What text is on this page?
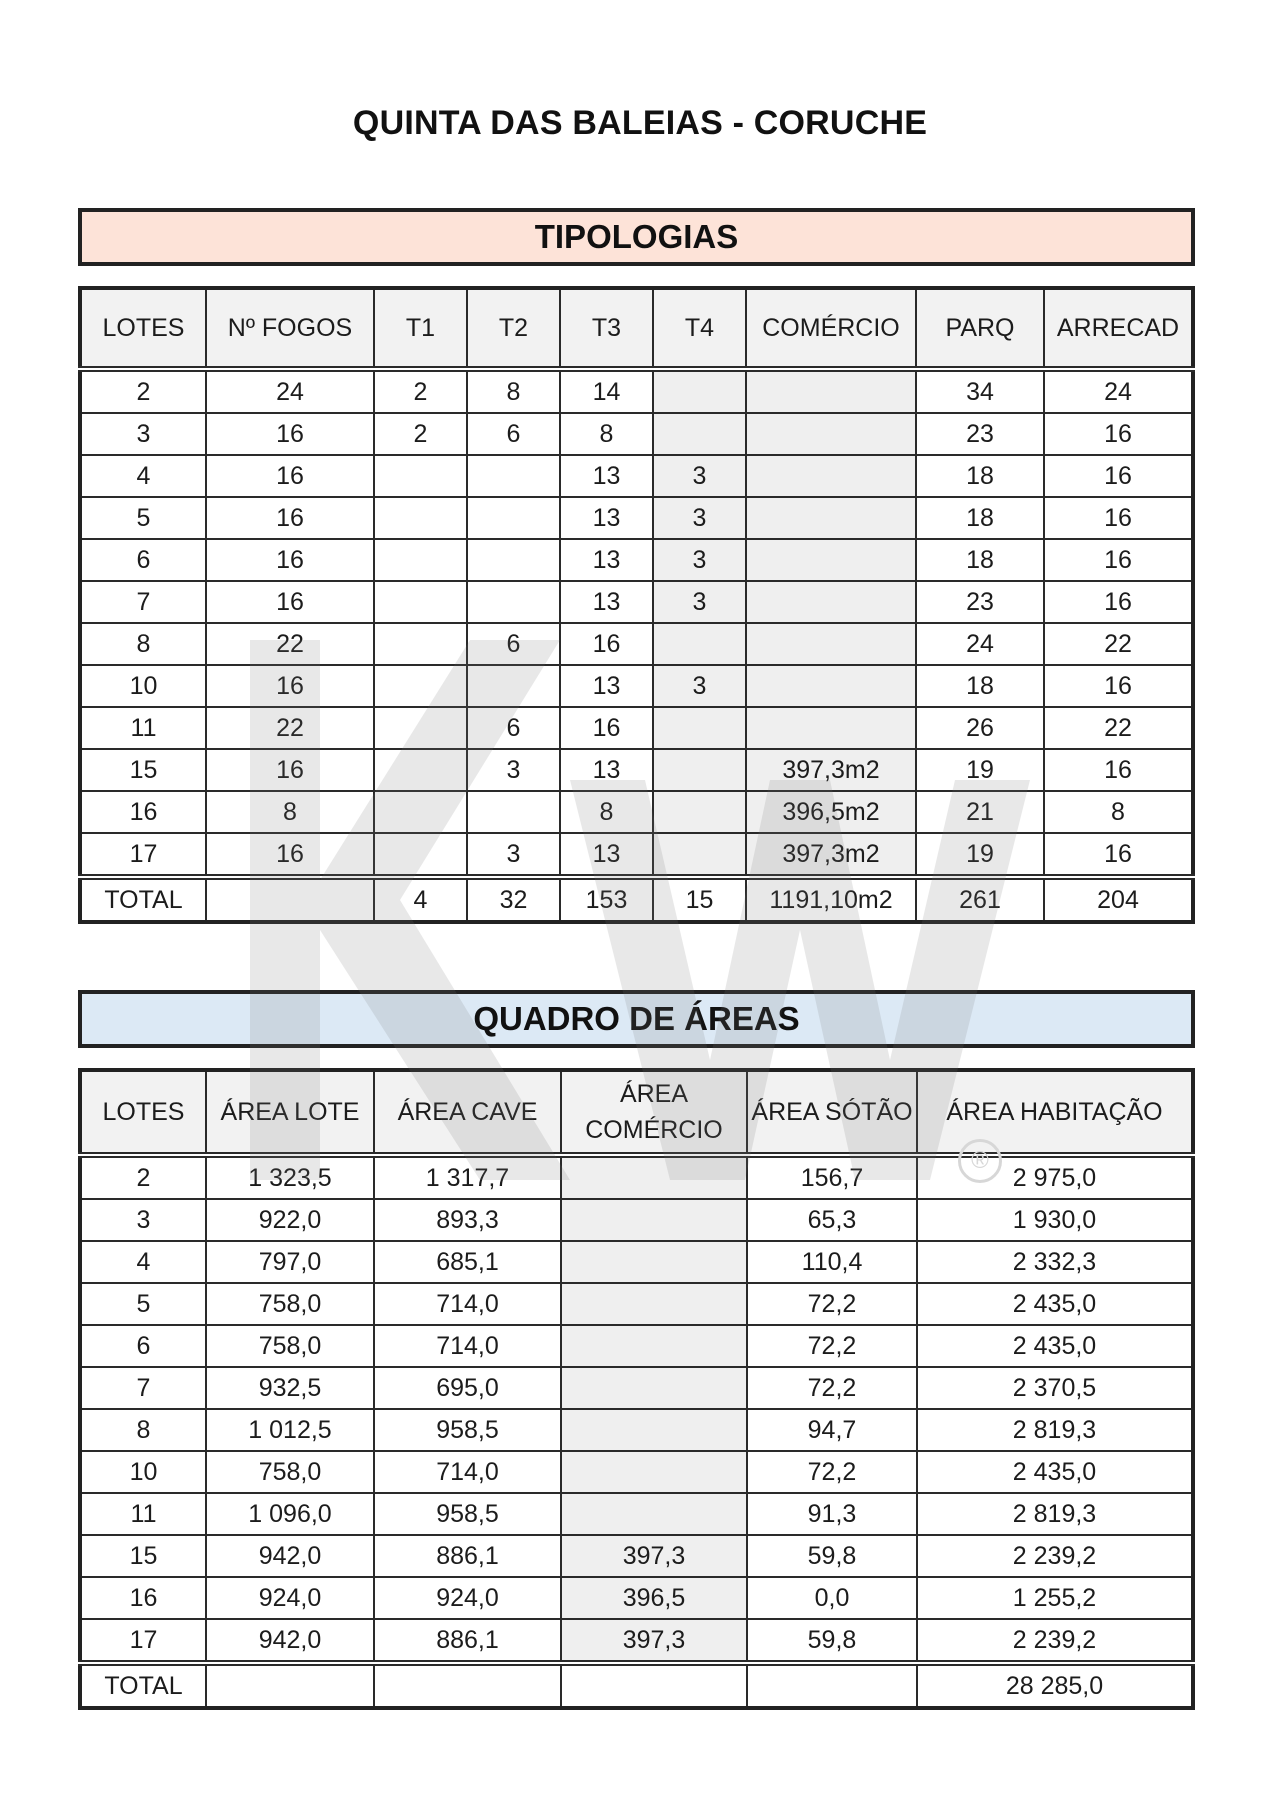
QUINTA DAS BALEIAS - CORUCHE
TIPOLOGIAS
LOTES	Nº FOGOS	T1	T2	T3	T4	COMÉRCIO	PARQ	ARRECAD
2	24	2	8	14			34	24
3	16	2	6	8			23	16
4	16			13	3		18	16
5	16			13	3		18	16
6	16			13	3		18	16
7	16			13	3		23	16
8	22		6	16			24	22
10	16			13	3		18	16
11	22		6	16			26	22
15	16		3	13		397,3m2	19	16
16	8			8		396,5m2	21	8
17	16		3	13		397,3m2	19	16
TOTAL		4	32	153	15	1191,10m2	261	204
QUADRO DE ÁREAS
LOTES	ÁREA LOTE	ÁREA CAVE	ÁREA COMÉRCIO	ÁREA SÓTÃO	ÁREA HABITAÇÃO
2	1 323,5	1 317,7		156,7	2 975,0
3	922,0	893,3		65,3	1 930,0
4	797,0	685,1		110,4	2 332,3
5	758,0	714,0		72,2	2 435,0
6	758,0	714,0		72,2	2 435,0
7	932,5	695,0		72,2	2 370,5
8	1 012,5	958,5		94,7	2 819,3
10	758,0	714,0		72,2	2 435,0
11	1 096,0	958,5		91,3	2 819,3
15	942,0	886,1	397,3	59,8	2 239,2
16	924,0	924,0	396,5	0,0	1 255,2
17	942,0	886,1	397,3	59,8	2 239,2
TOTAL					28 285,0
®
